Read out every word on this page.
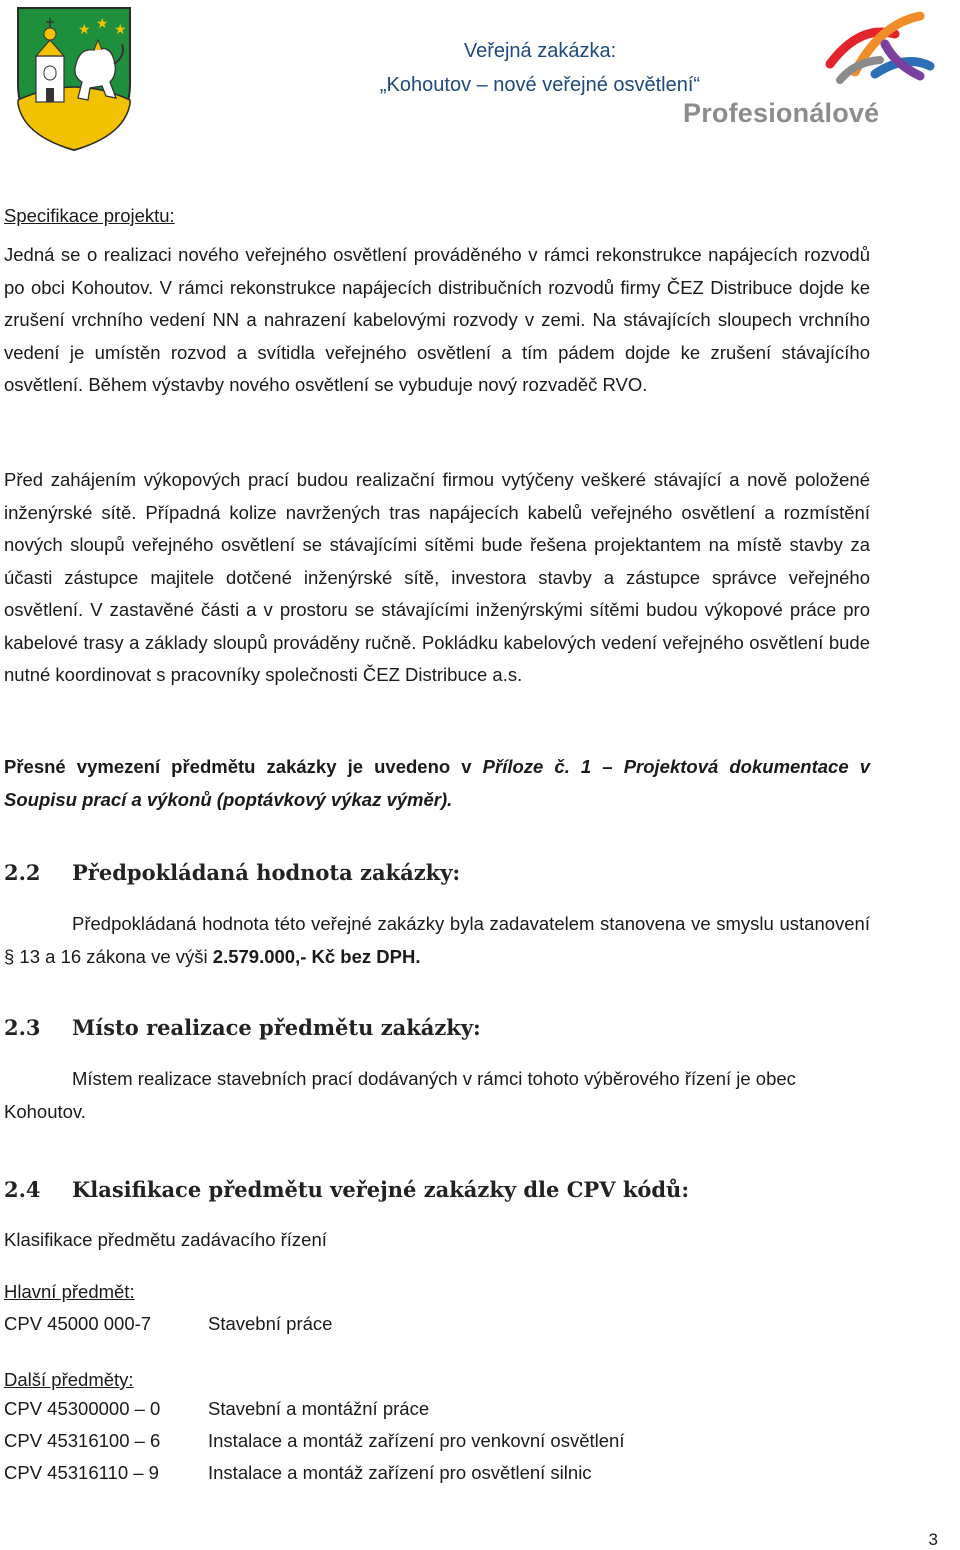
★ ★ ★
Veřejná zakázka:
„Kohoutov – nové veřejné osvětlení“
Profesionálové
Specifikace projektu:
Jedná se o realizaci nového veřejného osvětlení prováděného v rámci rekonstrukce napájecích rozvodů po obci Kohoutov. V rámci rekonstrukce napájecích distribučních rozvodů firmy ČEZ Distribuce dojde ke zrušení vrchního vedení NN a nahrazení kabelovými rozvody v zemi. Na stávajících sloupech vrchního vedení je umístěn rozvod a svítidla veřejného osvětlení a tím pádem dojde ke zrušení stávajícího osvětlení. Během výstavby nového osvětlení se vybuduje nový rozvaděč RVO.
Před zahájením výkopových prací budou realizační firmou vytýčeny veškeré stávající a nově položené inženýrské sítě. Případná kolize navržených tras napájecích kabelů veřejného osvětlení a rozmístění nových sloupů veřejného osvětlení se stávajícími sítěmi bude řešena projektantem na místě stavby za účasti zástupce majitele dotčené inženýrské sítě, investora stavby a zástupce správce veřejného osvětlení. V zastavěné části a v prostoru se stávajícími inženýrskými sítěmi budou výkopové práce pro kabelové trasy a základy sloupů prováděny ručně. Pokládku kabelových vedení veřejného osvětlení bude nutné koordinovat s pracovníky společnosti ČEZ Distribuce a.s.
Přesné vymezení předmětu zakázky je uvedeno v Příloze č. 1 – Projektová dokumentace v Soupisu prací a výkonů (poptávkový výkaz výměr).
2.2 Předpokládaná hodnota zakázky:
Předpokládaná hodnota této veřejné zakázky byla zadavatelem stanovena ve smyslu ustanovení § 13 a 16 zákona ve výši 2.579.000,- Kč bez DPH.
2.3 Místo realizace předmětu zakázky:
Místem realizace stavebních prací dodávaných v rámci tohoto výběrového řízení je obec Kohoutov.
2.4 Klasifikace předmětu veřejné zakázky dle CPV kódů:
Klasifikace předmětu zadávacího řízení
Hlavní předmět:
CPV 45000 000-7	Stavební práce
Další předměty:
CPV 45300000 – 0	Stavební a montážní práce
CPV 45316100 – 6	Instalace a montáž zařízení pro venkovní osvětlení
CPV 45316110 – 9	Instalace a montáž zařízení pro osvětlení silnic
3
